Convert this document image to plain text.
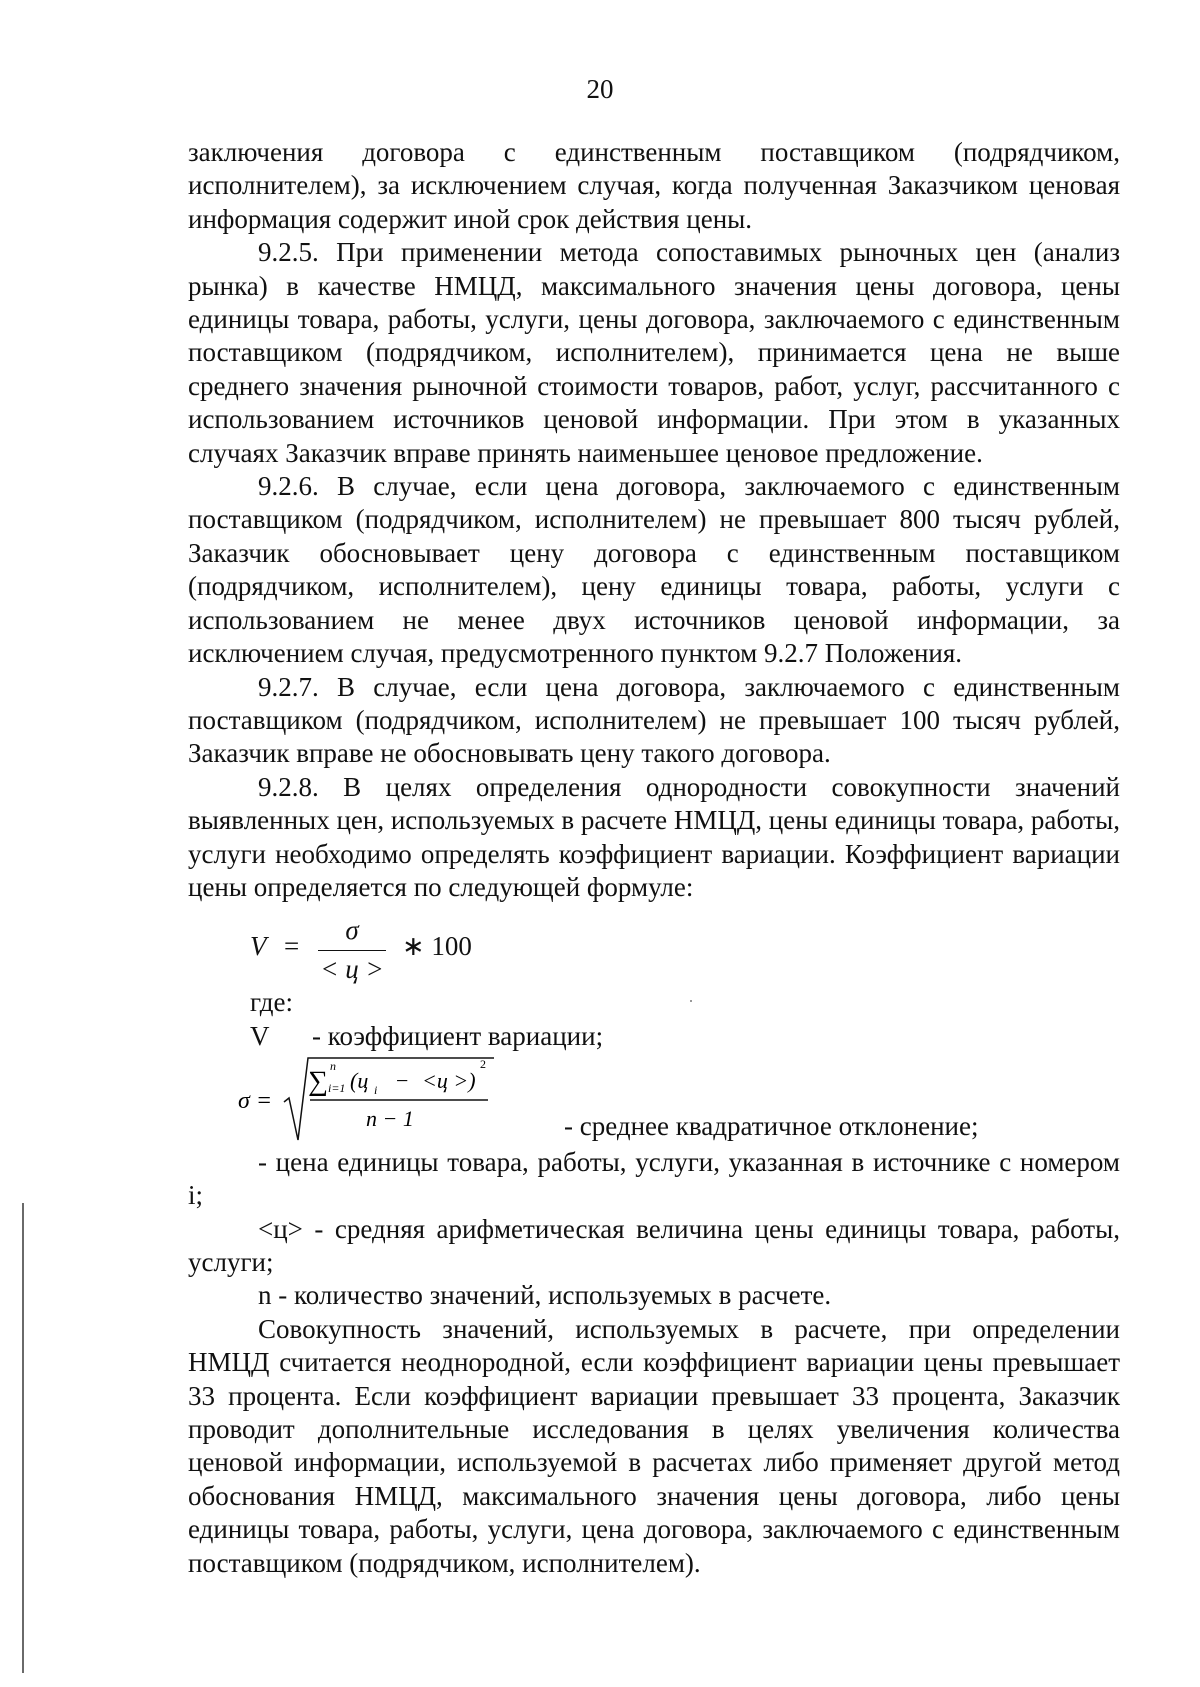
20

заключения договора с единственным поставщиком (подрядчиком, исполнителем), за исключением случая, когда полученная Заказчиком ценовая информация содержит иной срок действия цены.

9.2.5. При применении метода сопоставимых рыночных цен (анализ рынка) в качестве НМЦД, максимального значения цены договора, цены единицы товара, работы, услуги, цены договора, заключаемого с единственным поставщиком (подрядчиком, исполнителем), принимается цена не выше среднего значения рыночной стоимости товаров, работ, услуг, рассчитанного с использованием источников ценовой информации. При этом в указанных случаях Заказчик вправе принять наименьшее ценовое предложение.

9.2.6. В случае, если цена договора, заключаемого с единственным поставщиком (подрядчиком, исполнителем) не превышает 800 тысяч рублей, Заказчик обосновывает цену договора с единственным поставщиком (подрядчиком, исполнителем), цену единицы товара, работы, услуги с использованием не менее двух источников ценовой информации, за исключением случая, предусмотренного пунктом 9.2.7 Положения.

9.2.7. В случае, если цена договора, заключаемого с единственным поставщиком (подрядчиком, исполнителем) не превышает 100 тысяч рублей, Заказчик вправе не обосновывать цену такого договора.

9.2.8. В целях определения однородности совокупности значений выявленных цен, используемых в расчете НМЦД, цены единицы товара, работы, услуги необходимо определять коэффициент вариации. Коэффициент вариации цены определяется по следующей формуле:

V =
σ
< ц >
∗ 100
где:
V - коэффициент вариации;
σ =
∑ n
i=1 (ц i − <ц >)
2
n − 1	- среднее квадратичное отклонение;

- цена единицы товара, работы, услуги, указанная в источнике с номером i;

<ц> - средняя арифметическая величина цены единицы товара, работы, услуги;

n - количество значений, используемых в расчете.

Совокупность значений, используемых в расчете, при определении НМЦД считается неоднородной, если коэффициент вариации цены превышает 33 процента. Если коэффициент вариации превышает 33 процента, Заказчик проводит дополнительные исследования в целях увеличения количества ценовой информации, используемой в расчетах либо применяет другой метод обоснования НМЦД, максимального значения цены договора, либо цены единицы товара, работы, услуги, цена договора, заключаемого с единственным поставщиком (подрядчиком, исполнителем).
